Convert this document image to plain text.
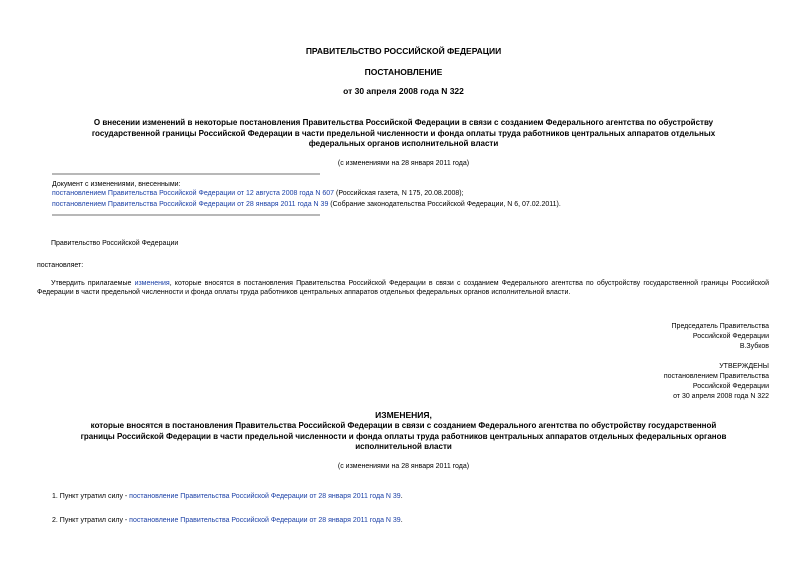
ПРАВИТЕЛЬСТВО РОССИЙСКОЙ ФЕДЕРАЦИИ
ПОСТАНОВЛЕНИЕ
от 30 апреля 2008 года N 322
О внесении изменений в некоторые постановления Правительства Российской Федерации в связи с созданием Федерального агентства по обустройству
государственной границы Российской Федерации в части предельной численности и фонда оплаты труда работников центральных аппаратов отдельных
федеральных органов исполнительной власти
(с изменениями на 28 января 2011 года)
Документ с изменениями, внесенными:
постановлением Правительства Российской Федерации от 12 августа 2008 года N 607 (Российская газета, N 175, 20.08.2008);
постановлением Правительства Российской Федерации от 28 января 2011 года N 39 (Собрание законодательства Российской Федерации, N 6, 07.02.2011).
Правительство Российской Федерации
постановляет:
Утвердить прилагаемые изменения, которые вносятся в постановления Правительства Российской Федерации в связи с созданием Федерального агентства по обустройству государственной границы Российской Федерации в части предельной численности и фонда оплаты труда работников центральных аппаратов отдельных федеральных органов исполнительной власти.
Председатель Правительства
Российской Федерации
В.Зубков
УТВЕРЖДЕНЫ
постановлением Правительства
Российской Федерации
от 30 апреля 2008 года N 322
ИЗМЕНЕНИЯ,
которые вносятся в постановления Правительства Российской Федерации в связи с созданием Федерального агентства по обустройству государственной
границы Российской Федерации в части предельной численности и фонда оплаты труда работников центральных аппаратов отдельных федеральных органов
исполнительной власти
(с изменениями на 28 января 2011 года)
1. Пункт утратил силу - постановление Правительства Российской Федерации от 28 января 2011 года N 39.
2. Пункт утратил силу - постановление Правительства Российской Федерации от 28 января 2011 года N 39.
